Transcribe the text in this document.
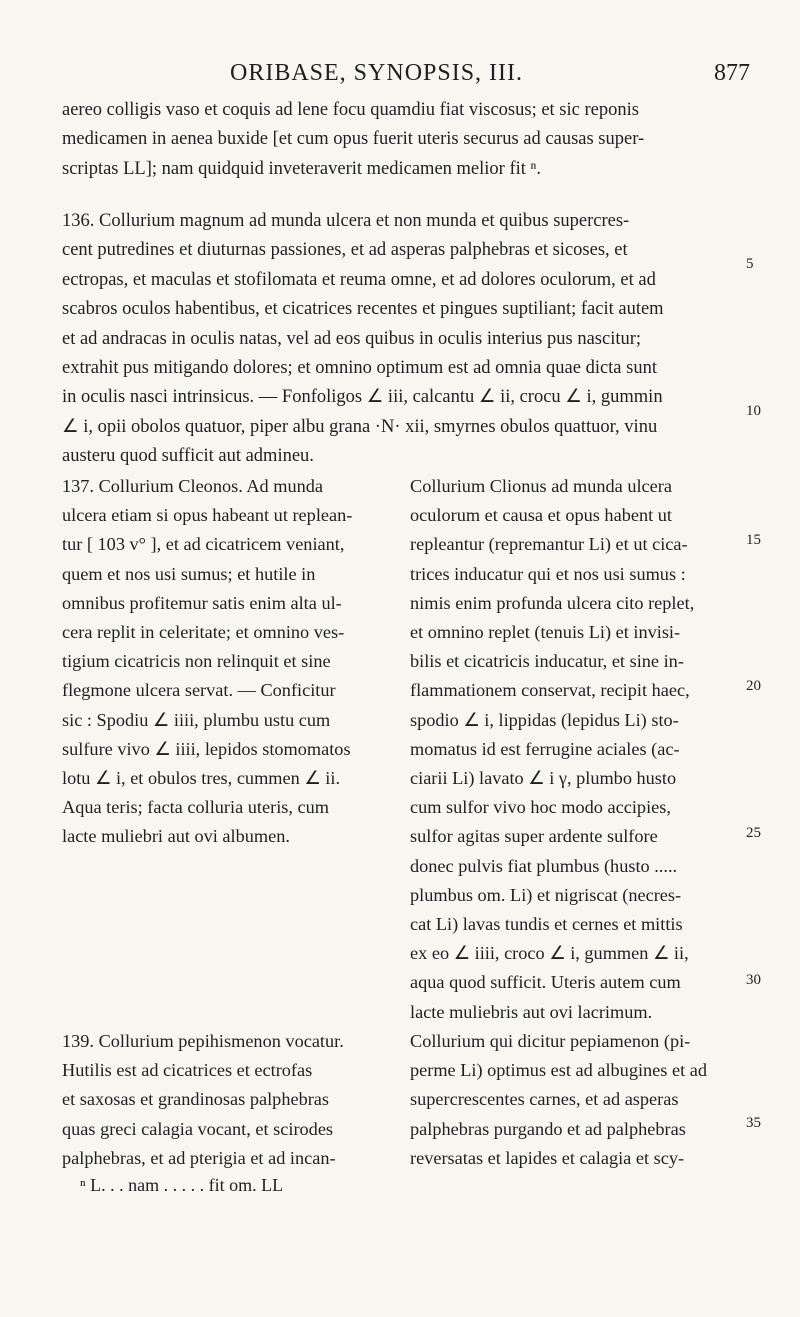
ORIBASE, SYNOPSIS, III.	877

aereo colligis vaso et coquis ad lene focu quamdiu fiat viscosus; et sic reponis

medicamen in aenea buxide [et cum opus fuerit uteris securus ad causas super-

scriptas LL]; nam quidquid inveteraverit medicamen melior fit ⁿ.

136. Collurium magnum ad munda ulcera et non munda et quibus supercres-

cent putredines et diuturnas passiones, et ad asperas palphebras et sicoses, et

ectropas, et maculas et stofilomata et reuma omne, et ad dolores oculorum, et ad

scabros oculos habentibus, et cicatrices recentes et pingues suptiliant; facit autem

et ad andracas in oculis natas, vel ad eos quibus in oculis interius pus nascitur;

extrahit pus mitigando dolores; et omnino optimum est ad omnia quae dicta sunt

in oculis nasci intrinsicus. — Fonfoligos ∠ iii, calcantu ∠ ii, crocu ∠ i, gummin

∠ i, opii obolos quatuor, piper albu grana ·N· xii, smyrnes obulos quattuor, vinu

austeru quod sufficit aut admineu.

137. Collurium Cleonos. Ad munda

ulcera etiam si opus habeant ut replean-

tur [ 103 v° ], et ad cicatricem veniant,

quem et nos usi sumus; et hutile in

omnibus profitemur satis enim alta ul-

cera replit in celeritate; et omnino ves-

tigium cicatricis non relinquit et sine

flegmone ulcera servat. — Conficitur

sic : Spodiu ∠ iiii, plumbu ustu cum

sulfure vivo ∠ iiii, lepidos stomomatos

lotu ∠ i, et obulos tres, cummen ∠ ii.

Aqua teris; facta colluria uteris, cum

lacte muliebri aut ovi albumen.

Collurium Clionus ad munda ulcera

oculorum et causa et opus habent ut

repleantur (repremantur Li) et ut cica-

trices inducatur qui et nos usi sumus :

nimis enim profunda ulcera cito replet,

et omnino replet (tenuis Li) et invisi-

bilis et cicatricis inducatur, et sine in-

flammationem conservat, recipit haec,

spodio ∠ i, lippidas (lepidus Li) sto-

momatus id est ferrugine aciales (ac-

ciarii Li) lavato ∠ i γ, plumbo husto

cum sulfor vivo hoc modo accipies,

sulfor agitas super ardente sulfore

donec pulvis fiat plumbus (husto .....

plumbus om. Li) et nigriscat (necres-

cat Li) lavas tundis et cernes et mittis

ex eo ∠ iiii, croco ∠ i, gummen ∠ ii,

aqua quod sufficit. Uteris autem cum

lacte muliebris aut ovi lacrimum.

139. Collurium pepihismenon vocatur.

Hutilis est ad cicatrices et ectrofas

et saxosas et grandinosas palphebras

quas greci calagia vocant, et scirodes

palphebras, et ad pterigia et ad incan-

Collurium qui dicitur pepiamenon (pi-

perme Li) optimus est ad albugines et ad

supercrescentes carnes, et ad asperas

palphebras purgando et ad palphebras

reversatas et lapides et calagia et scy-

5
10
15
20
25
30
35
ⁿ L. . . nam . . . . . fit om. LL
